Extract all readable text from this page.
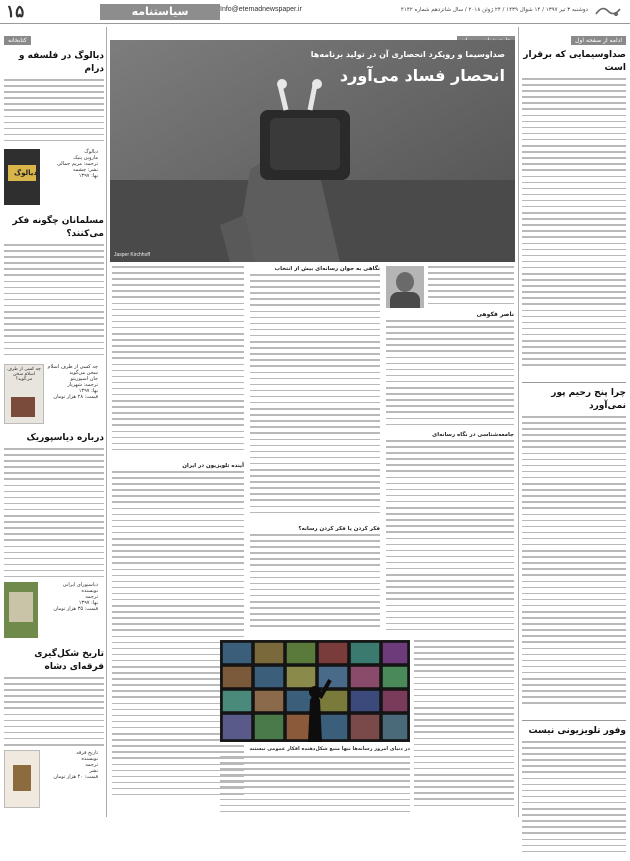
۱۵	سیاستنامه	Info@etemadnewspaper.ir	دوشنبه ۳ تیر ۱۳۹۷ / ۱۴ شوال ۱۴۳۹ / ۲۴ ژوئن ۲۰۱۸ / سال شانزدهم شماره ۴۱۴۲
کتابخانه
دیالوگ در فلسفه و درام
دیالوگ
دیالوگ
ماروین پنیک
ترجمه: مریم جمالی
نشر: چشمه
بها: ۱۳۹۷
مسلمانان چگونه فکر می‌کنند؟
چه کسی از طرف اسلام سخن می‌گوید؟
چه کسی از طرف اسلام
سخن می‌گوید
جان اسپوزیتو
ترجمه: شهریار
بها: ۱۳۹۷
قیمت: ۲۸ هزار تومان
درباره دیاسپوریک
دیاسپورای ایرانی
نویسنده
ترجمه
بها: ۱۳۹۷
قیمت: ۳۵ هزار تومان
تاریخ شکل‌گیری فرقه‌ای دشاه
تاریخ فرقه
نویسنده
ترجمه
نشر
قیمت: ۴۰ هزار تومان
صداوسیما و رویکرد انحصاری آن در تولید برنامه‌ها
انحصار فساد می‌آورد
Jasper Kirchhoff
ناصر فکوهی
جامعه‌شناسی در نگاه رسانه‌ای
نگاهی به جوان رسانه‌ای بیش از انتخاب
فکر کردن یا فکر کردن رسانه؟
آینده تلویزیون در ایران
در دنیای امروز رسانه‌ها تنها منبع شکل‌دهنده افکار عمومی نیستند
ادامه از صفحه اول
صداوسیمایی که برقرار است
چرا پنج رحیم پور نمی‌آورد
وفور تلویزیونی نیست
